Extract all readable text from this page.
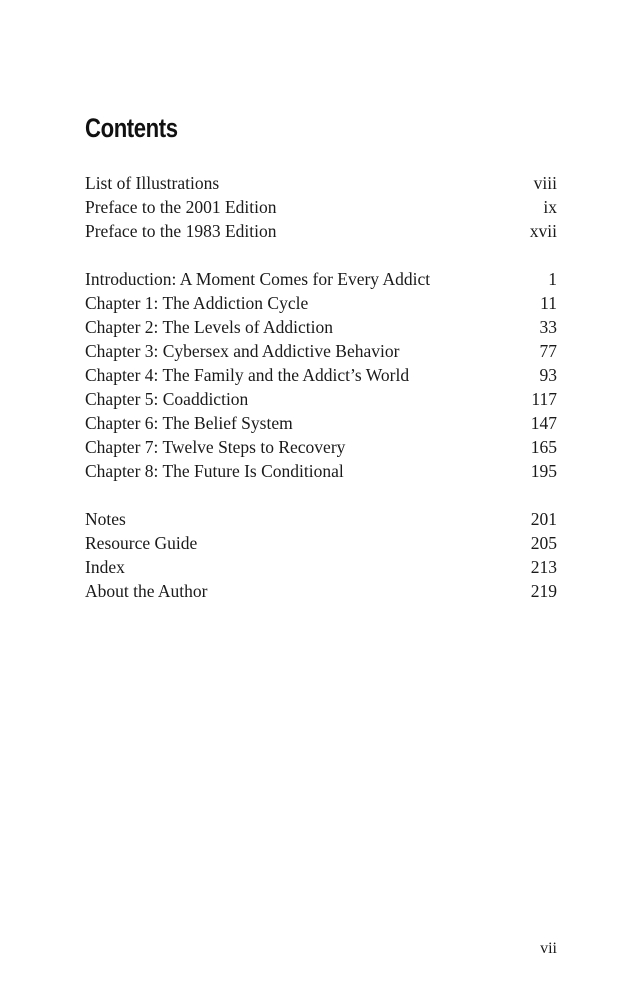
Contents
List of Illustrations	viii
Preface to the 2001 Edition	ix
Preface to the 1983 Edition	xvii
Introduction: A Moment Comes for Every Addict	1
Chapter 1: The Addiction Cycle	11
Chapter 2: The Levels of Addiction	33
Chapter 3: Cybersex and Addictive Behavior	77
Chapter 4: The Family and the Addict’s World	93
Chapter 5: Coaddiction	117
Chapter 6: The Belief System	147
Chapter 7: Twelve Steps to Recovery	165
Chapter 8: The Future Is Conditional	195
Notes	201
Resource Guide	205
Index	213
About the Author	219
vii
